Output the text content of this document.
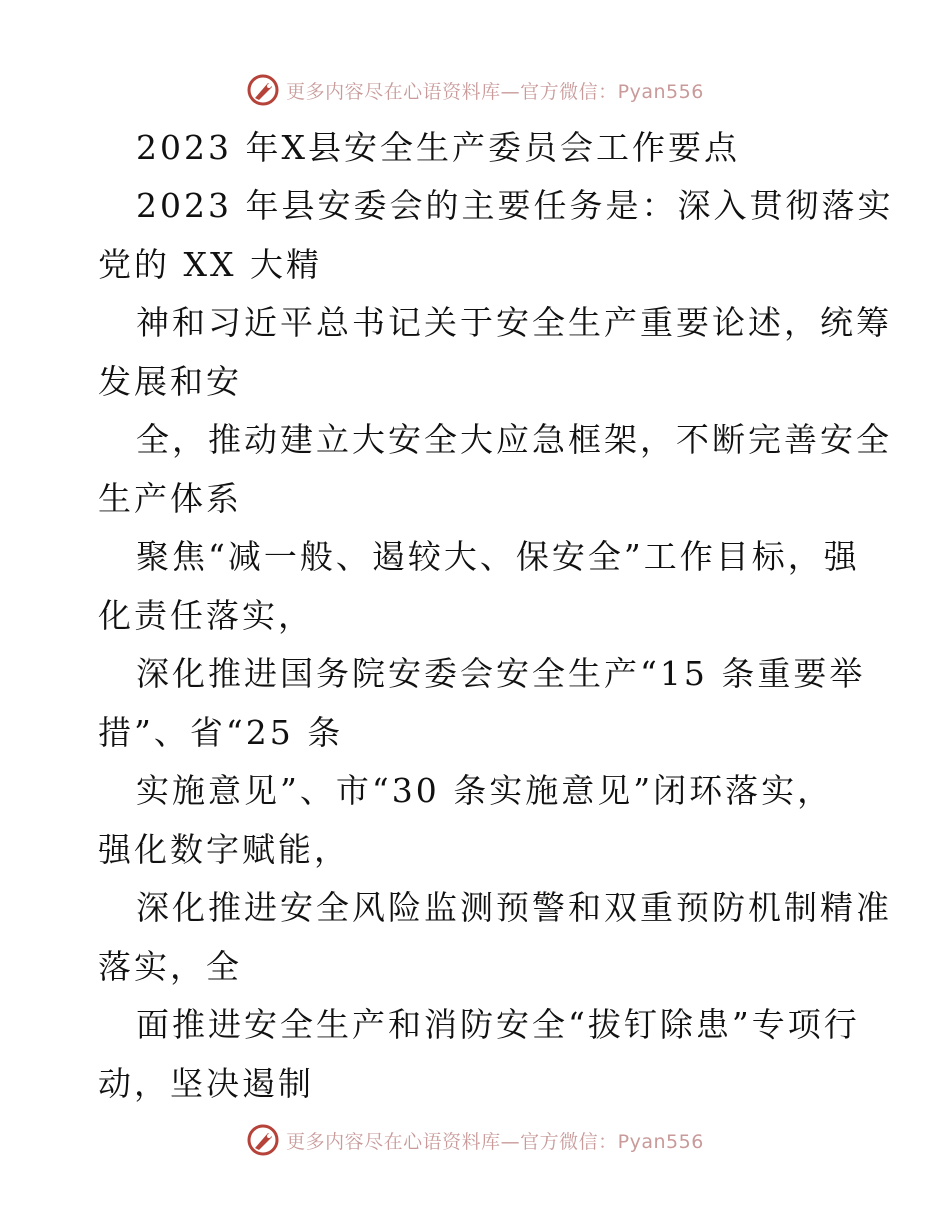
更多内容尽在心语资料库—官方微信：Pyan556
2023 年X县安全生产委员会工作要点
2023 年县安委会的主要任务是：深入贯彻落实
党的 XX 大精
神和习近平总书记关于安全生产重要论述，统筹
发展和安
全，推动建立大安全大应急框架，不断完善安全
生产体系
聚焦“减一般、遏较大、保安全”工作目标，强
化责任落实，
深化推进国务院安委会安全生产“15 条重要举
措”、省“25 条
实施意见”、市“30 条实施意见”闭环落实，
强化数字赋能，
深化推进安全风险监测预警和双重预防机制精准
落实，全
面推进安全生产和消防安全“拔钉除患”专项行
动，坚决遏制
更多内容尽在心语资料库—官方微信：Pyan556
